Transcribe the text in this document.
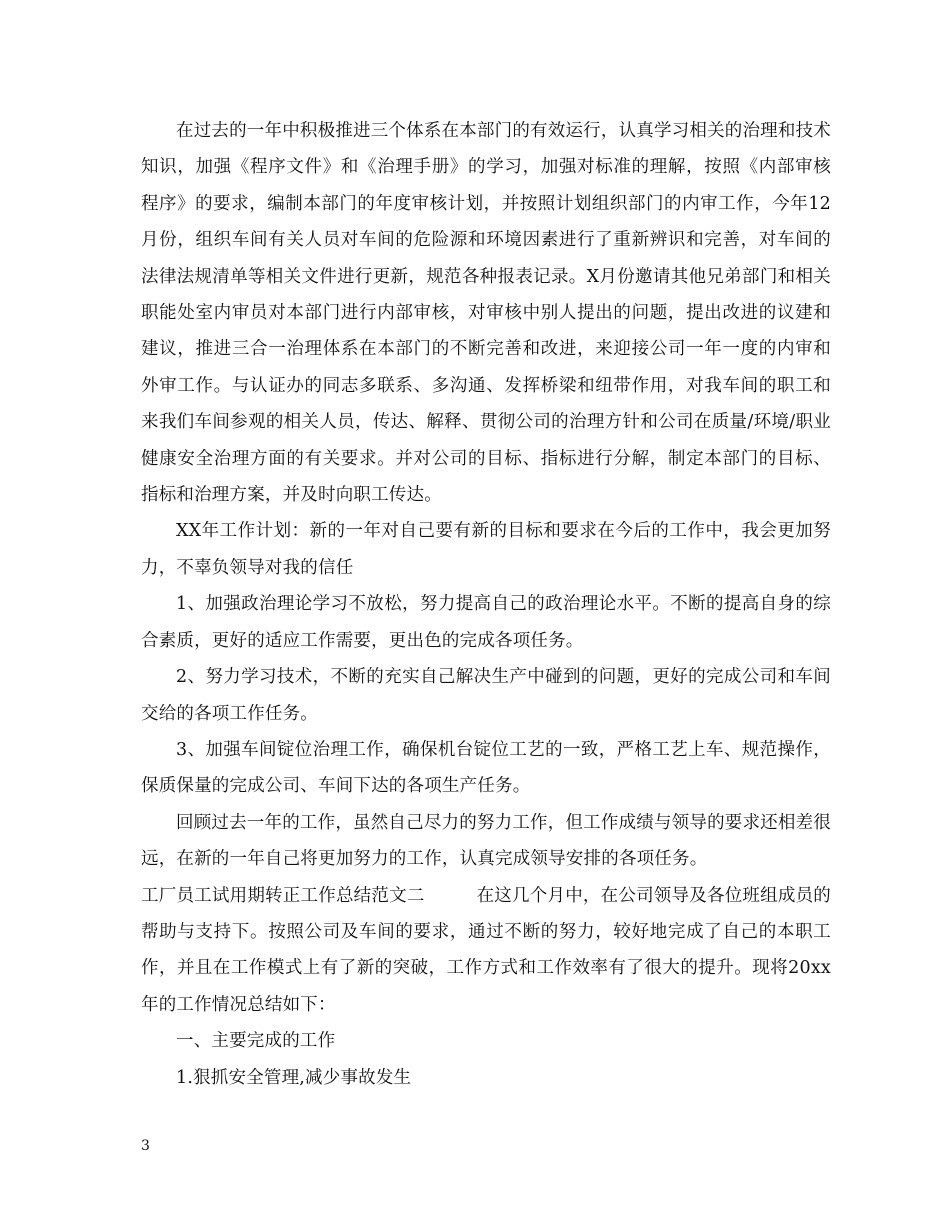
在过去的一年中积极推进三个体系在本部门的有效运行，认真学习相关的治理和技术知识，加强《程序文件》和《治理手册》的学习，加强对标准的理解，按照《内部审核程序》的要求，编制本部门的年度审核计划，并按照计划组织部门的内审工作，今年12月份，组织车间有关人员对车间的危险源和环境因素进行了重新辨识和完善，对车间的法律法规清单等相关文件进行更新，规范各种报表记录。X月份邀请其他兄弟部门和相关职能处室内审员对本部门进行内部审核，对审核中别人提出的问题，提出改进的议建和建议，推进三合一治理体系在本部门的不断完善和改进，来迎接公司一年一度的内审和外审工作。与认证办的同志多联系、多沟通、发挥桥梁和纽带作用，对我车间的职工和来我们车间参观的相关人员，传达、解释、贯彻公司的治理方针和公司在质量/环境/职业健康安全治理方面的有关要求。并对公司的目标、指标进行分解，制定本部门的目标、指标和治理方案，并及时向职工传达。

XX年工作计划：新的一年对自己要有新的目标和要求在今后的工作中，我会更加努力，不辜负领导对我的信任

1、加强政治理论学习不放松，努力提高自己的政治理论水平。不断的提高自身的综合素质，更好的适应工作需要，更出色的完成各项任务。

2、努力学习技术，不断的充实自己解决生产中碰到的问题，更好的完成公司和车间交给的各项工作任务。

3、加强车间锭位治理工作，确保机台锭位工艺的一致，严格工艺上车、规范操作，保质保量的完成公司、车间下达的各项生产任务。

回顾过去一年的工作，虽然自己尽力的努力工作，但工作成绩与领导的要求还相差很远，在新的一年自己将更加努力的工作，认真完成领导安排的各项任务。

工厂员工试用期转正工作总结范文二	在这几个月中，在公司领导及各位班组成员的帮助与支持下。按照公司及车间的要求，通过不断的努力，较好地完成了自己的本职工作，并且在工作模式上有了新的突破，工作方式和工作效率有了很大的提升。现将20xx年的工作情况总结如下：

一、主要完成的工作

1.狠抓安全管理,减少事故发生

3
